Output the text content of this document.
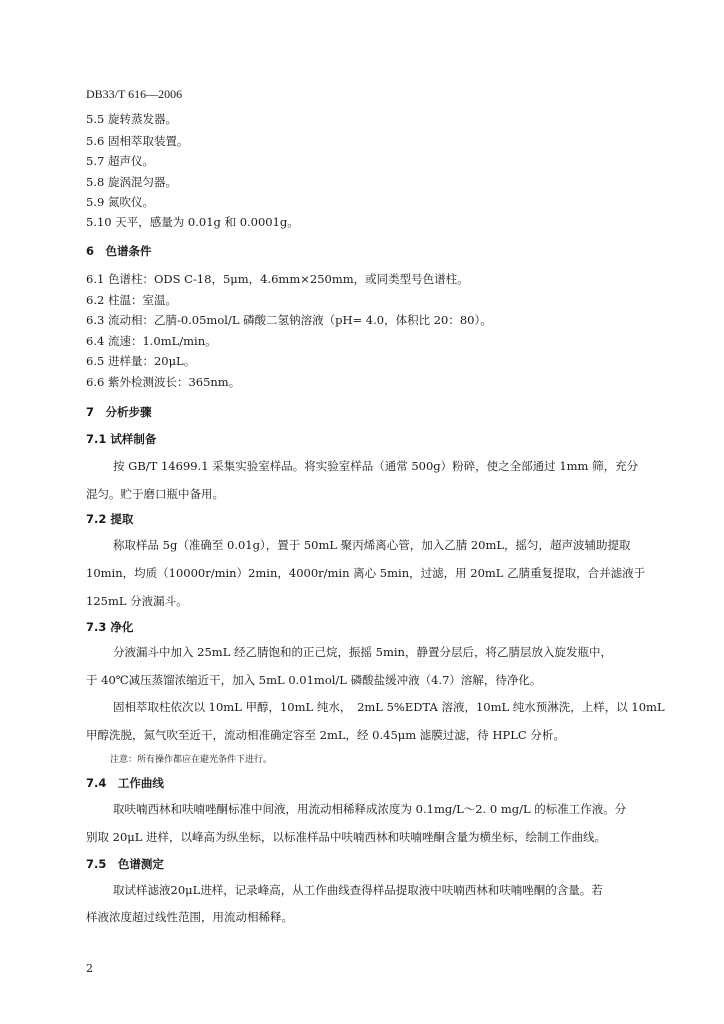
DB33/T 616—2006

5.5 旋转蒸发器。

5.6 固相萃取装置。

5.7 超声仪。

5.8 旋涡混匀器。

5.9 氮吹仪。

5.10 天平，感量为 0.01g 和 0.0001g。

6　色谱条件

6.1 色谱柱：ODS C-18，5μm，4.6mm×250mm，或同类型号色谱柱。

6.2 柱温：室温。

6.3 流动相：乙腈-0.05mol/L 磷酸二氢钠溶液（pH= 4.0，体积比 20：80）。

6.4 流速：1.0mL/min。

6.5 进样量：20μL。

6.6 紫外检测波长：365nm。

7　分析步骤

7.1 试样制备

按 GB/T 14699.1 采集实验室样品。将实验室样品（通常 500g）粉碎，使之全部通过 1mm 筛，充分

混匀。贮于磨口瓶中备用。

7.2 提取

称取样品 5g（准确至 0.01g），置于 50mL 聚丙烯离心管，加入乙腈 20mL，摇匀，超声波辅助提取

10min，均质（10000r/min）2min，4000r/min 离心 5min，过滤，用 20mL 乙腈重复提取，合并滤液于

125mL 分液漏斗。

7.3 净化

分液漏斗中加入 25mL 经乙腈饱和的正己烷，振摇 5min，静置分层后，将乙腈层放入旋发瓶中，

于 40℃减压蒸馏浓缩近干，加入 5mL 0.01mol/L 磷酸盐缓冲液（4.7）溶解，待净化。

固相萃取柱依次以 10mL 甲醇，10mL 纯水，　2mL 5%EDTA 溶液，10mL 纯水预淋洗，上样，以 10mL

甲醇洗脱，氮气吹至近干，流动相准确定容至 2mL，经 0.45μm 滤膜过滤，待 HPLC 分析。

注意：所有操作都应在避光条件下进行。

7.4　工作曲线

取呋喃西林和呋喃唑酮标准中间液，用流动相稀释成浓度为 0.1mg/L～2. 0 mg/L 的标准工作液。分

别取 20μL 进样，以峰高为纵坐标，以标准样品中呋喃西林和呋喃唑酮含量为横坐标，绘制工作曲线。

7.5　色谱测定

取试样滤液20μL进样，记录峰高，从工作曲线查得样品提取液中呋喃西林和呋喃唑酮的含量。若

样液浓度超过线性范围，用流动相稀释。

2
